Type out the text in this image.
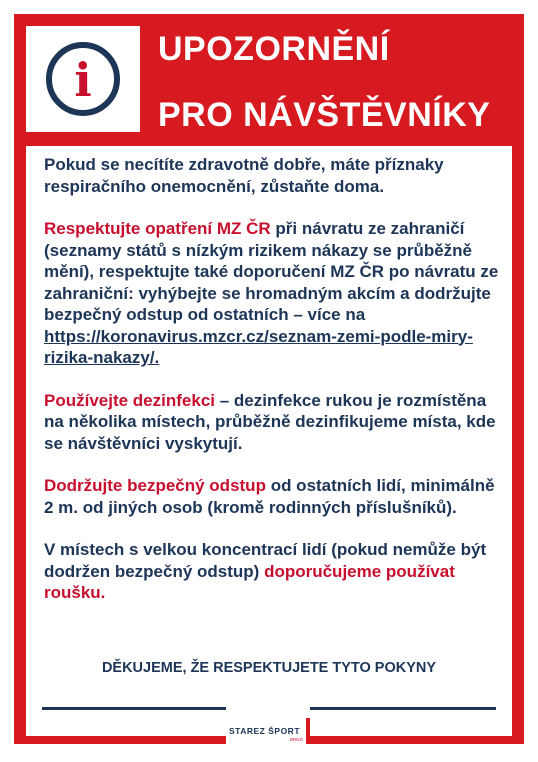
i
UPOZORNĚNÍ
PRO NÁVŠTĚVNÍKY

Pokud se necítíte zdravotně dobře, máte příznaky respiračního onemocnění, zůstaňte doma.

Respektujte opatření MZ ČR při návratu ze zahraničí (seznamy států s nízkým rizikem nákazy se průběžně mění), respektujte také doporučení MZ ČR po návratu ze zahraniční: vyhýbejte se hromadným akcím a dodržujte bezpečný odstup od ostatních – více na https://koronavirus.mzcr.cz/seznam-zemi-podle-miry-rizika-nakazy/.

Používejte dezinfekci – dezinfekce rukou je rozmístěna na několika místech, průběžně dezinfikujeme místa, kde se návštěvníci vyskytují.

Dodržujte bezpečný odstup od ostatních lidí, minimálně 2 m. od jiných osob (kromě rodinných příslušníků).

V místech s velkou koncentrací lidí (pokud nemůže být dodržen bezpečný odstup) doporučujeme používat roušku.

DĚKUJEME, ŽE RESPEKTUJETE TYTO POKYNY
STAREZ ŠPORT
BRNO
